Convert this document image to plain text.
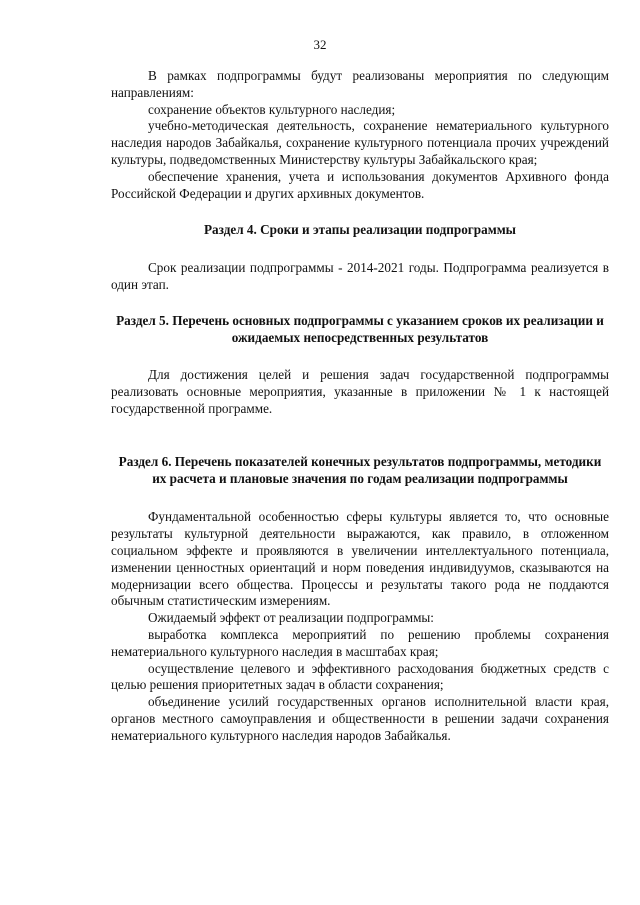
32

В рамках подпрограммы будут реализованы мероприятия по следующим направлениям:

сохранение объектов культурного наследия;

учебно-методическая деятельность, сохранение нематериального культурного наследия народов Забайкалья, сохранение культурного потенциала прочих учреждений культуры, подведомственных Министерству культуры Забайкальского края;

обеспечение хранения, учета и использования документов Архивного фонда Российской Федерации и других архивных документов.

Раздел 4. Сроки и этапы реализации подпрограммы

Срок реализации подпрограммы - 2014-2021 годы. Подпрограмма реализуется в один этап.

Раздел 5. Перечень основных подпрограммы с указанием сроков их реализации и ожидаемых непосредственных результатов

Для достижения целей и решения задач государственной подпрограммы реализовать основные мероприятия, указанные в приложении № 1 к настоящей государственной программе.

Раздел 6. Перечень показателей конечных результатов подпрограммы, методики их расчета и плановые значения по годам реализации подпрограммы

Фундаментальной особенностью сферы культуры является то, что основные результаты культурной деятельности выражаются, как правило, в отложенном социальном эффекте и проявляются в увеличении интеллектуального потенциала, изменении ценностных ориентаций и норм поведения индивидуумов, сказываются на модернизации всего общества. Процессы и результаты такого рода не поддаются обычным статистическим измерениям.

Ожидаемый эффект от реализации подпрограммы:

выработка комплекса мероприятий по решению проблемы сохранения нематериального культурного наследия в масштабах края;

осуществление целевого и эффективного расходования бюджетных средств с целью решения приоритетных задач в области сохранения;

объединение усилий государственных органов исполнительной власти края, органов местного самоуправления и общественности в решении задачи сохранения нематериального культурного наследия народов Забайкалья.
